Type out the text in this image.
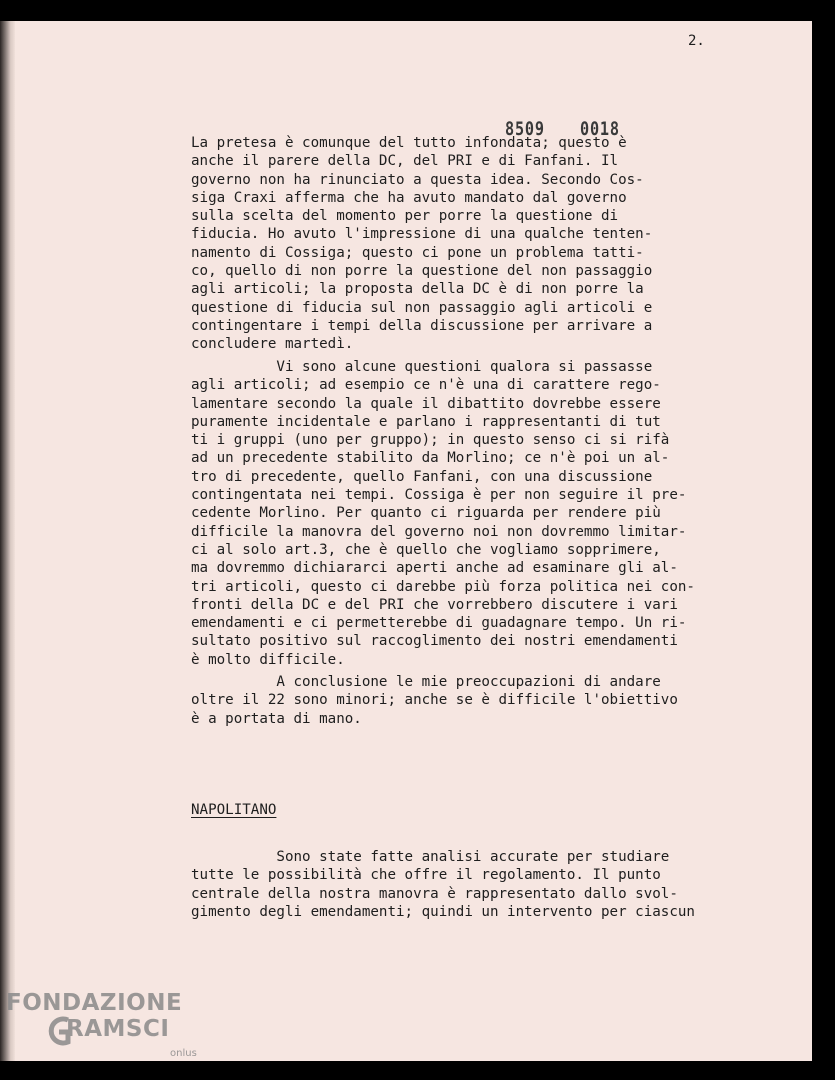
2.
8509 0018
La pretesa è comunque del tutto infondata; questo è
anche il parere della DC, del PRI e di Fanfani. Il
governo non ha rinunciato a questa idea. Secondo Cos-
siga Craxi afferma che ha avuto mandato dal governo
sulla scelta del momento per porre la questione di
fiducia. Ho avuto l'impressione di una qualche tenten-
namento di Cossiga; questo ci pone un problema tatti-
co, quello di non porre la questione del non passaggio
agli articoli; la proposta della DC è di non porre la
questione di fiducia sul non passaggio agli articoli e
contingentare i tempi della discussione per arrivare a
concludere martedì.
Vi sono alcune questioni qualora si passasse
agli articoli; ad esempio ce n'è una di carattere rego-
lamentare secondo la quale il dibattito dovrebbe essere
puramente incidentale e parlano i rappresentanti di tut
ti i gruppi (uno per gruppo); in questo senso ci si rifà
ad un precedente stabilito da Morlino; ce n'è poi un al-
tro di precedente, quello Fanfani, con una discussione
contingentata nei tempi. Cossiga è per non seguire il pre-
cedente Morlino. Per quanto ci riguarda per rendere più
difficile la manovra del governo noi non dovremmo limitar-
ci al solo art.3, che è quello che vogliamo sopprimere,
ma dovremmo dichiararci aperti anche ad esaminare gli al-
tri articoli, questo ci darebbe più forza politica nei con-
fronti della DC e del PRI che vorrebbero discutere i vari
emendamenti e ci permetterebbe di guadagnare tempo. Un ri-
sultato positivo sul raccoglimento dei nostri emendamenti
è molto difficile.
A conclusione le mie preoccupazioni di andare
oltre il 22 sono minori; anche se è difficile l'obiettivo
è a portata di mano.
NAPOLITANO
Sono state fatte analisi accurate per studiare
tutte le possibilità che offre il regolamento. Il punto
centrale della nostra manovra è rappresentato dallo svol-
gimento degli emendamenti; quindi un intervento per ciascun
FONDAZIONE
RAMSCI
onlus
